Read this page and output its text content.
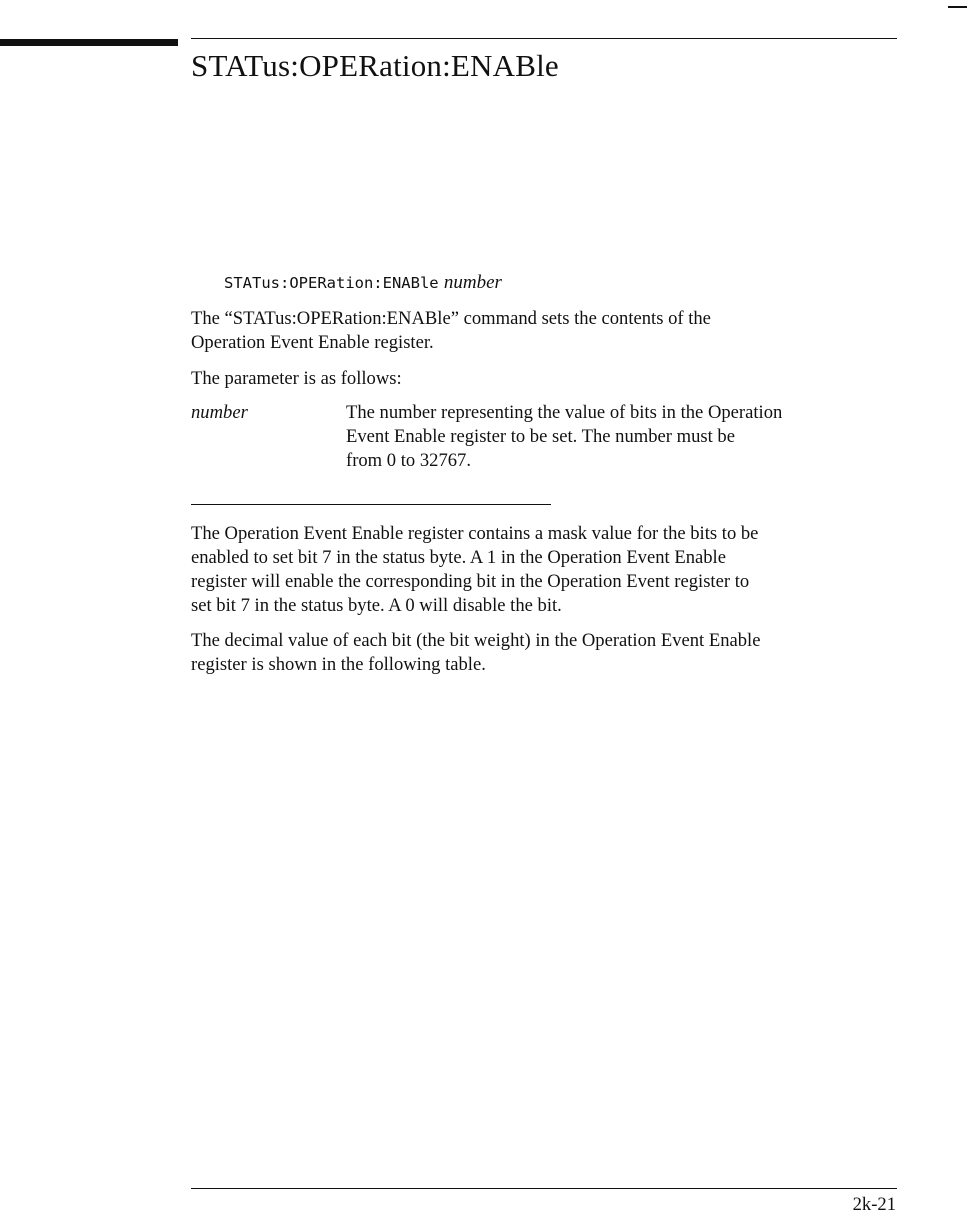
STATus:OPERation:ENABle
STATus:OPERation:ENABle number

The “STATus:OPERation:ENABle” command sets the contents of the
Operation Event Enable register.

The parameter is as follows:

number	The number representing the value of bits in the Operation
Event Enable register to be set. The number must be
from 0 to 32767.

The Operation Event Enable register contains a mask value for the bits to be
enabled to set bit 7 in the status byte. A 1 in the Operation Event Enable
register will enable the corresponding bit in the Operation Event register to
set bit 7 in the status byte. A 0 will disable the bit.

The decimal value of each bit (the bit weight) in the Operation Event Enable
register is shown in the following table.

2k-21
